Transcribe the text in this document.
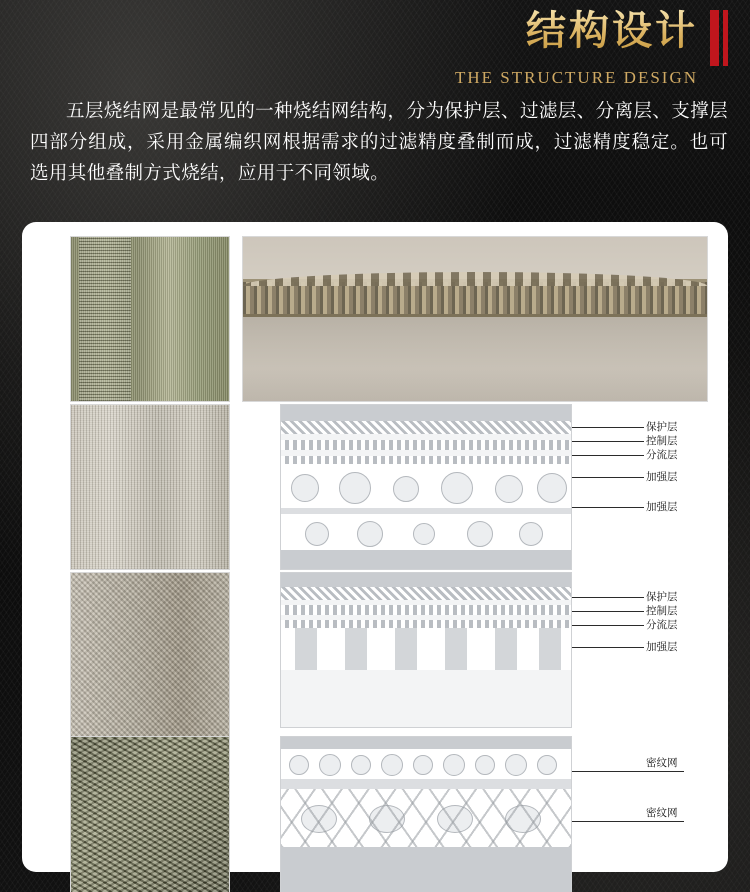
结构设计
THE STRUCTURE DESIGN
五层烧结网是最常见的一种烧结网结构，分为保护层、过滤层、分离层、支撑层四部分组成，采用金属编织网根据需求的过滤精度叠制而成，过滤精度稳定。也可选用其他叠制方式烧结，应用于不同领域。
保护层
控制层
分流层
加强层
加强层
保护层
控制层
分流层
加强层
密纹网
密纹网
